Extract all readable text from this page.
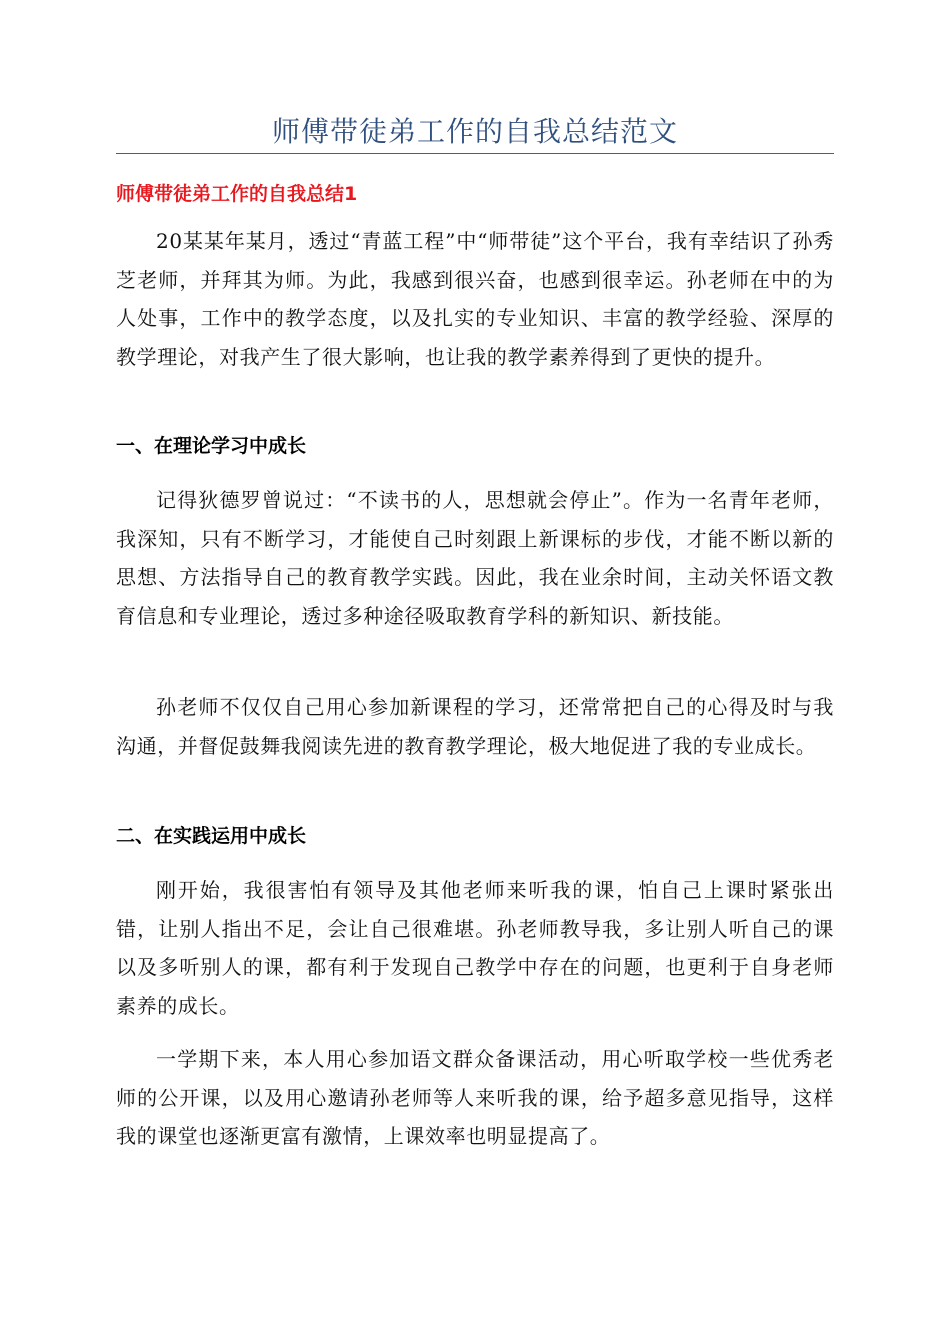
师傅带徒弟工作的自我总结范文
师傅带徒弟工作的自我总结1

20某某年某月，透过“青蓝工程”中“师带徒”这个平台，我有幸结识了孙秀芝老师，并拜其为师。为此，我感到很兴奋，也感到很幸运。孙老师在中的为人处事，工作中的教学态度，以及扎实的专业知识、丰富的教学经验、深厚的教学理论，对我产生了很大影响，也让我的教学素养得到了更快的提升。

一、在理论学习中成长

记得狄德罗曾说过：“不读书的人，思想就会停止”。作为一名青年老师，我深知，只有不断学习，才能使自己时刻跟上新课标的步伐，才能不断以新的思想、方法指导自己的教育教学实践。因此，我在业余时间，主动关怀语文教育信息和专业理论，透过多种途径吸取教育学科的新知识、新技能。

孙老师不仅仅自己用心参加新课程的学习，还常常把自己的心得及时与我沟通，并督促鼓舞我阅读先进的教育教学理论，极大地促进了我的专业成长。

二、在实践运用中成长

刚开始，我很害怕有领导及其他老师来听我的课，怕自己上课时紧张出错，让别人指出不足，会让自己很难堪。孙老师教导我，多让别人听自己的课以及多听别人的课，都有利于发现自己教学中存在的问题，也更利于自身老师素养的成长。

一学期下来，本人用心参加语文群众备课活动，用心听取学校一些优秀老师的公开课，以及用心邀请孙老师等人来听我的课，给予超多意见指导，这样我的课堂也逐渐更富有激情，上课效率也明显提高了。
